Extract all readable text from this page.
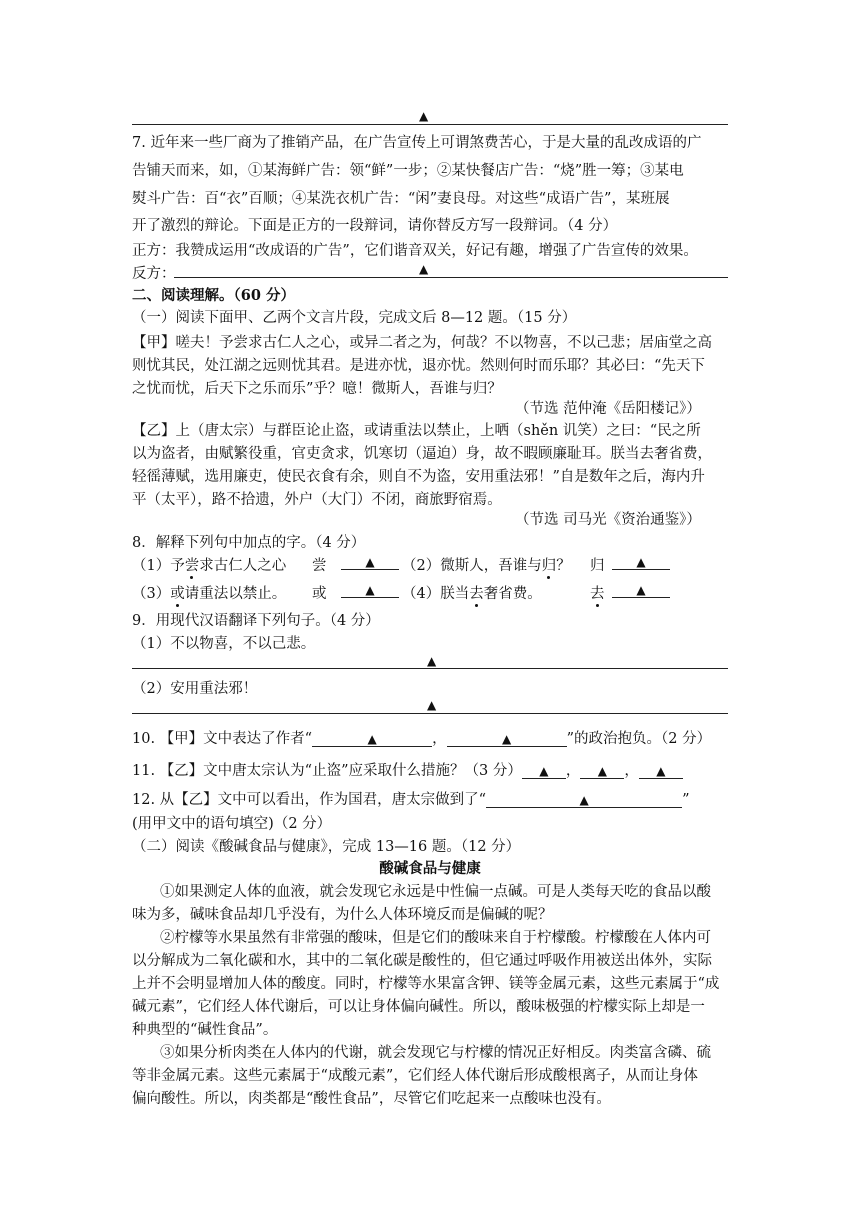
▲
7. 近年来一些厂商为了推销产品，在广告宣传上可谓煞费苦心，于是大量的乱改成语的广
告铺天而来，如，①某海鲜广告：领“鲜”一步；②某快餐店广告：“烧”胜一筹；③某电
熨斗广告：百“衣”百顺；④某洗衣机广告：“闲”妻良母。对这些“成语广告”，某班展
开了激烈的辩论。下面是正方的一段辩词，请你替反方写一段辩词。（4 分）
正方：我赞成运用“改成语的广告”，它们谐音双关，好记有趣，增强了广告宣传的效果。
反方：	▲
二、阅读理解。（60 分）
（一）阅读下面甲、乙两个文言片段，完成文后 8—12 题。（15 分）
【甲】嗟夫！予尝求古仁人之心，或异二者之为，何哉？不以物喜，不以己悲；居庙堂之高
则忧其民，处江湖之远则忧其君。是进亦忧，退亦忧。然则何时而乐耶？其必曰：“先天下
之忧而忧，后天下之乐而乐”乎？噫！微斯人，吾谁与归？
（节选 范仲淹《岳阳楼记》）
【乙】上（唐太宗）与群臣论止盗，或请重法以禁止，上哂（shěn 讥笑）之曰：“民之所
以为盗者，由赋繁役重，官吏贪求，饥寒切（逼迫）身，故不暇顾廉耻耳。朕当去奢省费，
轻徭薄赋，选用廉吏，使民衣食有余，则自不为盗，安用重法邪！”自是数年之后，海内升
平（太平），路不拾遗，外户（大门）不闭，商旅野宿焉。
（节选 司马光《资治通鉴》）
8．解释下列句中加点的字。（4 分）
（1）予尝求古仁人之心 尝	▲	（2）微斯人，吾谁与归？ 归	▲
（3）或请重法以禁止。 或	▲	（4）朕当去奢省费。	去	▲
9．用现代汉语翻译下列句子。（4 分）
（1）不以物喜，不以己悲。
▲
（2）安用重法邪！
▲
10. 【甲】文中表达了作者“	▲	，	▲	”的政治抱负。（2 分）
11. 【乙】文中唐太宗认为“止盗”应采取什么措施？（3 分） ▲ ， ▲ ， ▲
12. 从【乙】文中可以看出，作为国君，唐太宗做到了“	▲	”
(用甲文中的语句填空)（2 分）
（二）阅读《酸碱食品与健康》，完成 13—16 题。（12 分）
酸碱食品与健康
①如果测定人体的血液，就会发现它永远是中性偏一点碱。可是人类每天吃的食品以酸
味为多，碱味食品却几乎没有，为什么人体环境反而是偏碱的呢？
②柠檬等水果虽然有非常强的酸味，但是它们的酸味来自于柠檬酸。柠檬酸在人体内可
以分解成为二氧化碳和水，其中的二氧化碳是酸性的，但它通过呼吸作用被送出体外，实际
上并不会明显增加人体的酸度。同时，柠檬等水果富含钾、镁等金属元素，这些元素属于“成
碱元素”，它们经人体代谢后，可以让身体偏向碱性。所以，酸味极强的柠檬实际上却是一
种典型的“碱性食品”。
③如果分析肉类在人体内的代谢，就会发现它与柠檬的情况正好相反。肉类富含磷、硫
等非金属元素。这些元素属于“成酸元素”，它们经人体代谢后形成酸根离子，从而让身体
偏向酸性。所以，肉类都是“酸性食品”，尽管它们吃起来一点酸味也没有。
